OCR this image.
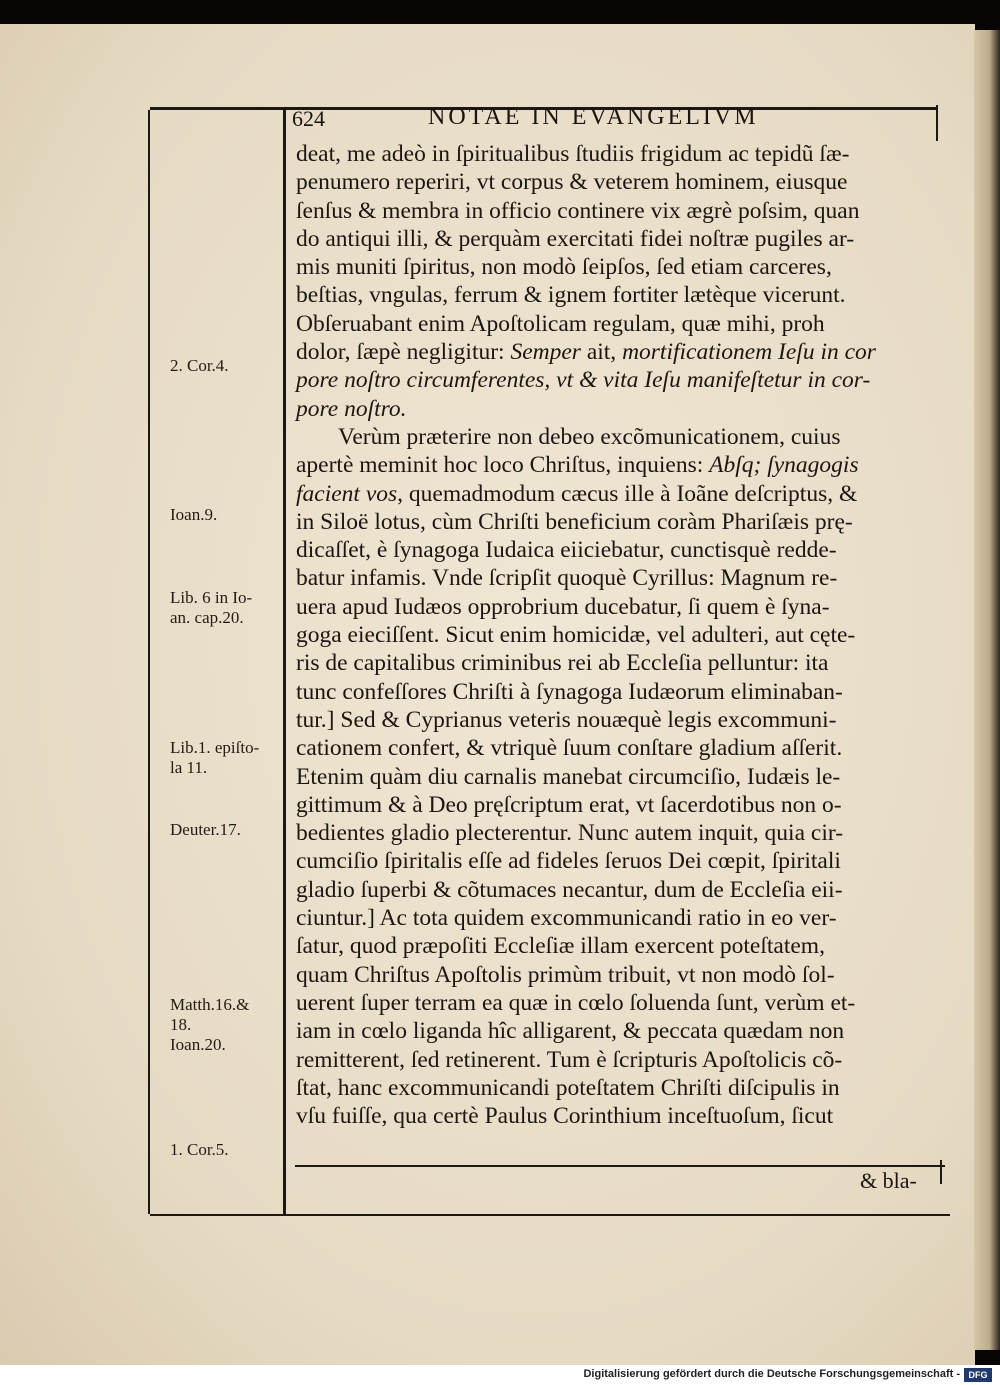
624	NOTAE IN EVANGELIVM
deat, me adeò in ſpiritualibus ſtudiis frigidum ac tepidũ ſæ-
penumero reperiri, vt corpus & veterem hominem, eiusque
ſenſus & membra in officio continere vix ægrè poſsim, quan
do antiqui illi, & perquàm exercitati fidei noſtræ pugiles ar-
mis muniti ſpiritus, non modò ſeipſos, ſed etiam carceres,
beſtias, vngulas, ferrum & ignem fortiter lætèque vicerunt.
Obſeruabant enim Apoſtolicam regulam, quæ mihi, proh
dolor, ſæpè negligitur: Semper ait, mortificationem Ieſu in cor
pore noſtro circumferentes, vt & vita Ieſu manifeſtetur in cor-
pore noſtro.
Verùm præterire non debeo excõmunicationem, cuius
apertè meminit hoc loco Chriſtus, inquiens: Abſq; ſynagogis
facient vos, quemadmodum cæcus ille à Ioãne deſcriptus, &
in Siloë lotus, cùm Chriſti beneficium coràm Phariſæis prę-
dicaſſet, è ſynagoga Iudaica eiiciebatur, cunctisquè redde-
batur infamis. Vnde ſcripſit quoquè Cyrillus: Magnum re-
uera apud Iudæos opprobrium ducebatur, ſi quem è ſyna-
goga eieciſſent. Sicut enim homicidæ, vel adulteri, aut cęte-
ris de capitalibus criminibus rei ab Eccleſia pelluntur: ita
tunc confeſſores Chriſti à ſynagoga Iudæorum eliminaban-
tur.] Sed & Cyprianus veteris nouæquè legis excommuni-
cationem confert, & vtriquè ſuum conſtare gladium aſſerit.
Etenim quàm diu carnalis manebat circumciſio, Iudæis le-
gittimum & à Deo pręſcriptum erat, vt ſacerdotibus non o-
bedientes gladio plecterentur. Nunc autem inquit, quia cir-
cumciſio ſpiritalis eſſe ad fideles ſeruos Dei cœpit, ſpiritali
gladio ſuperbi & cõtumaces necantur, dum de Eccleſia eii-
ciuntur.] Ac tota quidem excommunicandi ratio in eo ver-
ſatur, quod præpoſiti Eccleſiæ illam exercent poteſtatem,
quam Chriſtus Apoſtolis primùm tribuit, vt non modò ſol-
uerent ſuper terram ea quæ in cœlo ſoluenda ſunt, verùm et-
iam in cœlo liganda hîc alligarent, & peccata quædam non
remitterent, ſed retinerent. Tum è ſcripturis Apoſtolicis cõ-
ſtat, hanc excommunicandi poteſtatem Chriſti diſcipulis in
vſu fuiſſe, qua certè Paulus Corinthium inceſtuoſum, ſicut
& bla-
2. Cor.4.
Ioan.9.
Lib. 6 in Io-
an. cap.20.
Lib.1. epiſto-
la 11.
Deuter.17.
Matth.16.&
18.
Ioan.20.
1. Cor.5.
Digitalisierung gefördert durch die Deutsche Forschungsgemeinschaft - DFG
